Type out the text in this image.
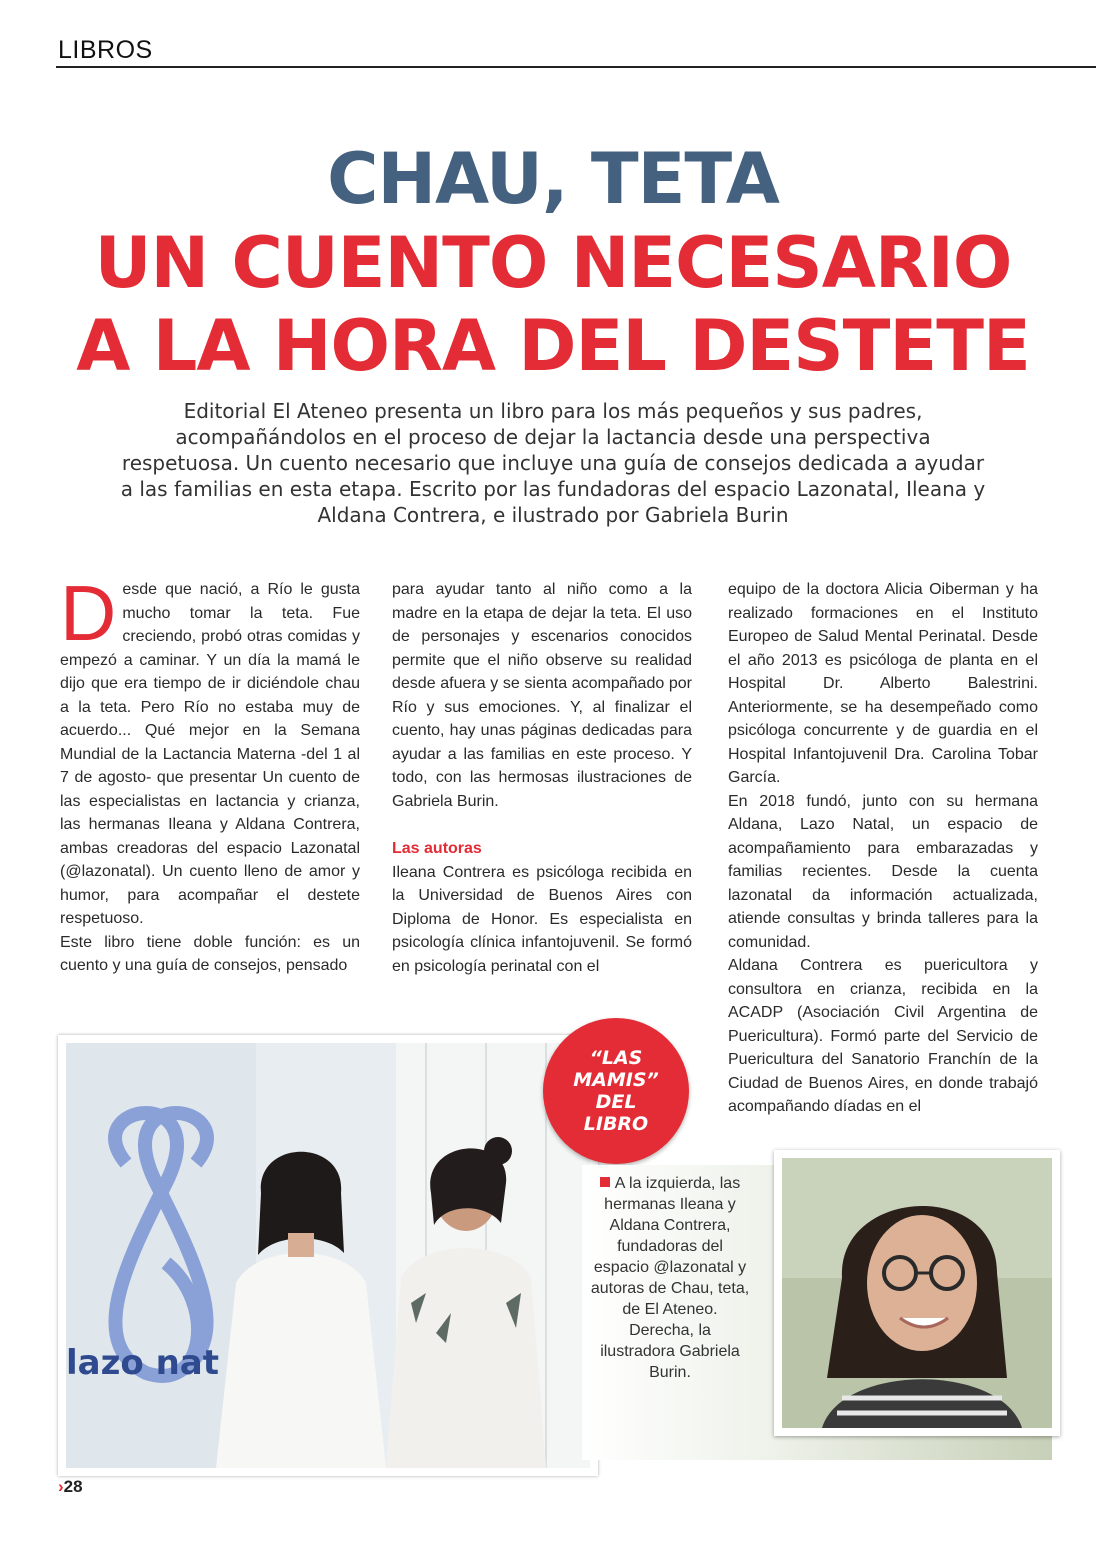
LIBROS
CHAU, TETA
UN CUENTO NECESARIO
A LA HORA DEL DESTETE
Editorial El Ateneo presenta un libro para los más pequeños y sus padres, acompañándolos en el proceso de dejar la lactancia desde una perspectiva respetuosa. Un cuento necesario que incluye una guía de consejos dedicada a ayudar a las familias en esta etapa. Escrito por las fundadoras del espacio Lazonatal, Ileana y Aldana Contrera, e ilustrado por Gabriela Burin

Desde que nació, a Río le gusta mucho tomar la teta. Fue creciendo, probó otras comidas y empezó a caminar. Y un día la mamá le dijo que era tiempo de ir diciéndole chau a la teta. Pero Río no estaba muy de acuerdo... Qué mejor en la Semana Mundial de la Lactancia Materna -del 1 al 7 de agosto- que presentar Un cuento de las especialistas en lactancia y crianza, las hermanas Ileana y Aldana Contrera, ambas creadoras del espacio Lazonatal (@lazonatal). Un cuento lleno de amor y humor, para acompañar el destete respetuoso.

Este libro tiene doble función: es un cuento y una guía de consejos, pensado

para ayudar tanto al niño como a la madre en la etapa de dejar la teta. El uso de personajes y escenarios conocidos permite que el niño observe su realidad desde afuera y se sienta acompañado por Río y sus emociones. Y, al finalizar el cuento, hay unas páginas dedicadas para ayudar a las familias en este proceso. Y todo, con las hermosas ilustraciones de Gabriela Burin.

Las autoras

Ileana Contrera es psicóloga recibida en la Universidad de Buenos Aires con Diploma de Honor. Es especialista en psicología clínica infantojuvenil. Se formó en psicología perinatal con el

equipo de la doctora Alicia Oiberman y ha realizado formaciones en el Instituto Europeo de Salud Mental Perinatal. Desde el año 2013 es psicóloga de planta en el Hospital Dr. Alberto Balestrini. Anteriormente, se ha desempeñado como psicóloga concurrente y de guardia en el Hospital Infantojuvenil Dra. Carolina Tobar García.

En 2018 fundó, junto con su hermana Aldana, Lazo Natal, un espacio de acompañamiento para embarazadas y familias recientes. Desde la cuenta lazonatal da información actualizada, atiende consultas y brinda talleres para la comunidad.

Aldana Contrera es puericultora y consultora en crianza, recibida en la ACADP (Asociación Civil Argentina de Puericultura). Formó parte del Servicio de Puericultura del Sanatorio Franchín de la Ciudad de Buenos Aires, en donde trabajó acompañando díadas en el

lazo nat
“LAS
MAMIS”
DEL
LIBRO
A la izquierda, las hermanas Ileana y Aldana Contrera, fundadoras del espacio @lazonatal y autoras de Chau, teta, de El Ateneo. Derecha, la ilustradora Gabriela Burin.
›28
